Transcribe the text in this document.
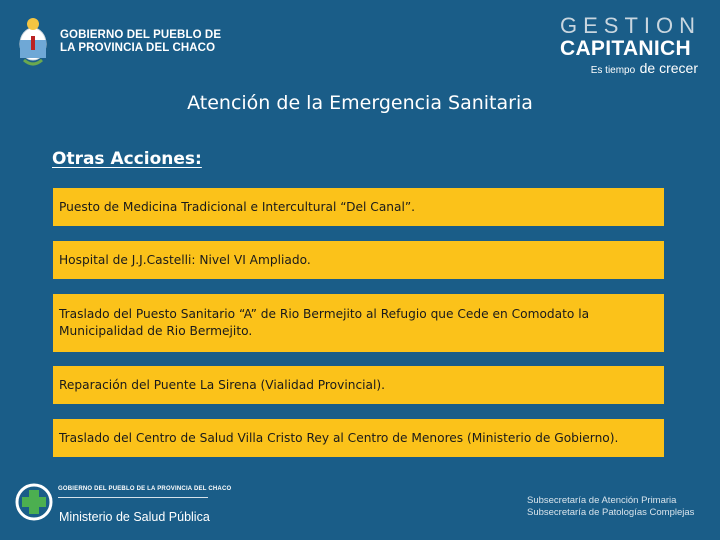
GOBIERNO DEL PUEBLO DE
LA PROVINCIA DEL CHACO
GESTION
CAPITANICH
Es tiempo de crecer
Atención de la Emergencia Sanitaria
Otras Acciones:
Puesto de Medicina Tradicional e Intercultural “Del Canal”.
Hospital de J.J.Castelli: Nivel VI Ampliado.
Traslado del Puesto Sanitario “A” de Rio Bermejito al Refugio que Cede en Comodato la Municipalidad de Rio Bermejito.
Reparación del Puente La Sirena (Vialidad Provincial).
Traslado del Centro de Salud Villa Cristo Rey al Centro de Menores (Ministerio de Gobierno).
GOBIERNO DEL PUEBLO DE LA PROVINCIA DEL CHACO
Ministerio de Salud Pública
Subsecretaría de Atención Primaria
Subsecretaría de Patologías Complejas
